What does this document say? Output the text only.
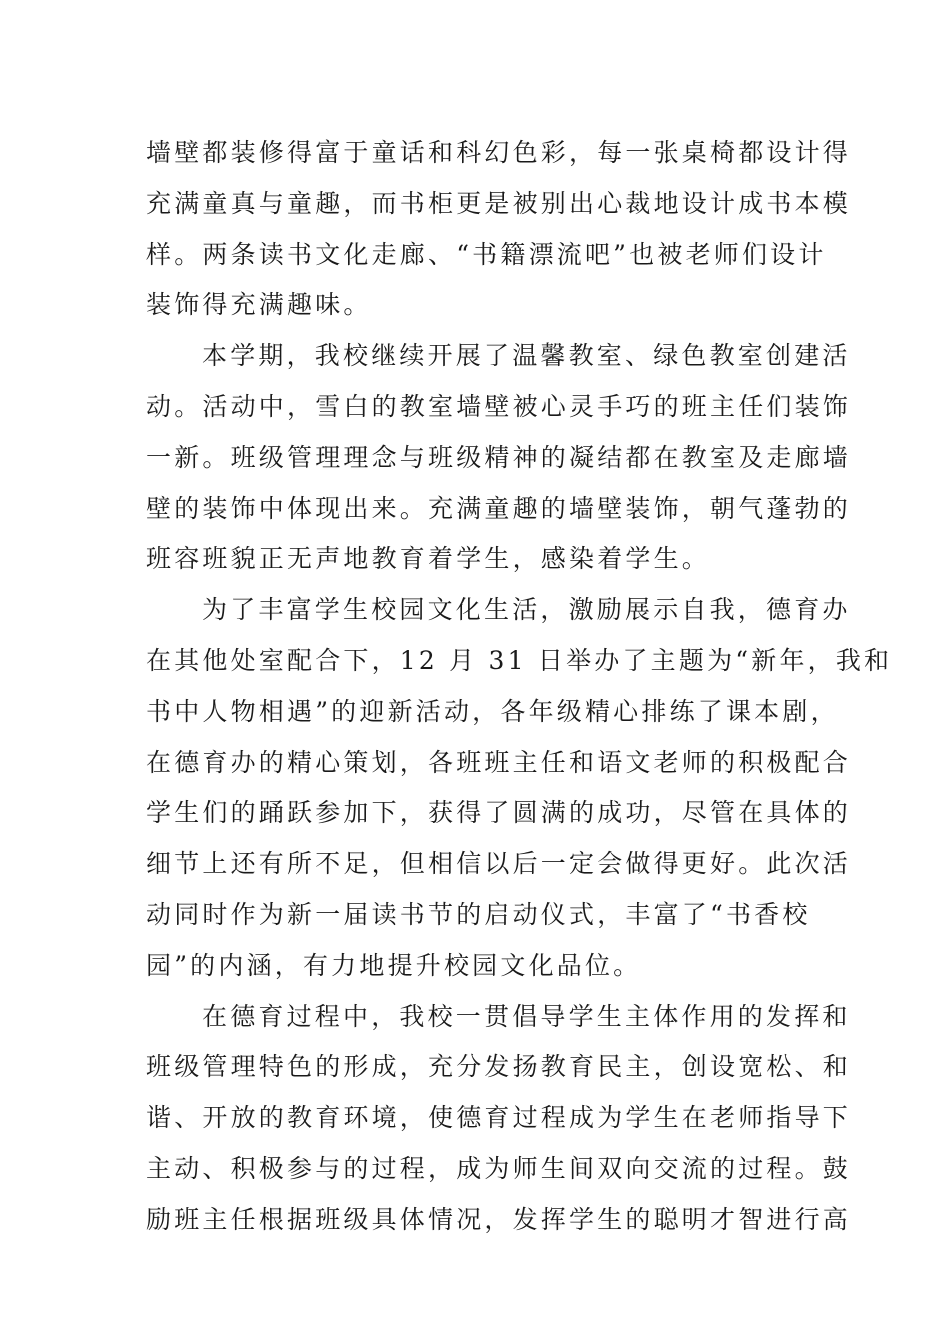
墙壁都装修得富于童话和科幻色彩，每一张桌椅都设计得
充满童真与童趣，而书柜更是被别出心裁地设计成书本模
样。两条读书文化走廊、“书籍漂流吧”也被老师们设计
装饰得充满趣味。
本学期，我校继续开展了温馨教室、绿色教室创建活
动。活动中，雪白的教室墙壁被心灵手巧的班主任们装饰
一新。班级管理理念与班级精神的凝结都在教室及走廊墙
壁的装饰中体现出来。充满童趣的墙壁装饰，朝气蓬勃的
班容班貌正无声地教育着学生，感染着学生。
为了丰富学生校园文化生活，激励展示自我，德育办
在其他处室配合下，12 月 31 日举办了主题为“新年，我和
书中人物相遇”的迎新活动，各年级精心排练了课本剧，
在德育办的精心策划，各班班主任和语文老师的积极配合
学生们的踊跃参加下，获得了圆满的成功，尽管在具体的
细节上还有所不足，但相信以后一定会做得更好。此次活
动同时作为新一届读书节的启动仪式，丰富了“书香校
园”的内涵，有力地提升校园文化品位。
在德育过程中，我校一贯倡导学生主体作用的发挥和
班级管理特色的形成，充分发扬教育民主，创设宽松、和
谐、开放的教育环境，使德育过程成为学生在老师指导下
主动、积极参与的过程，成为师生间双向交流的过程。鼓
励班主任根据班级具体情况，发挥学生的聪明才智进行高
